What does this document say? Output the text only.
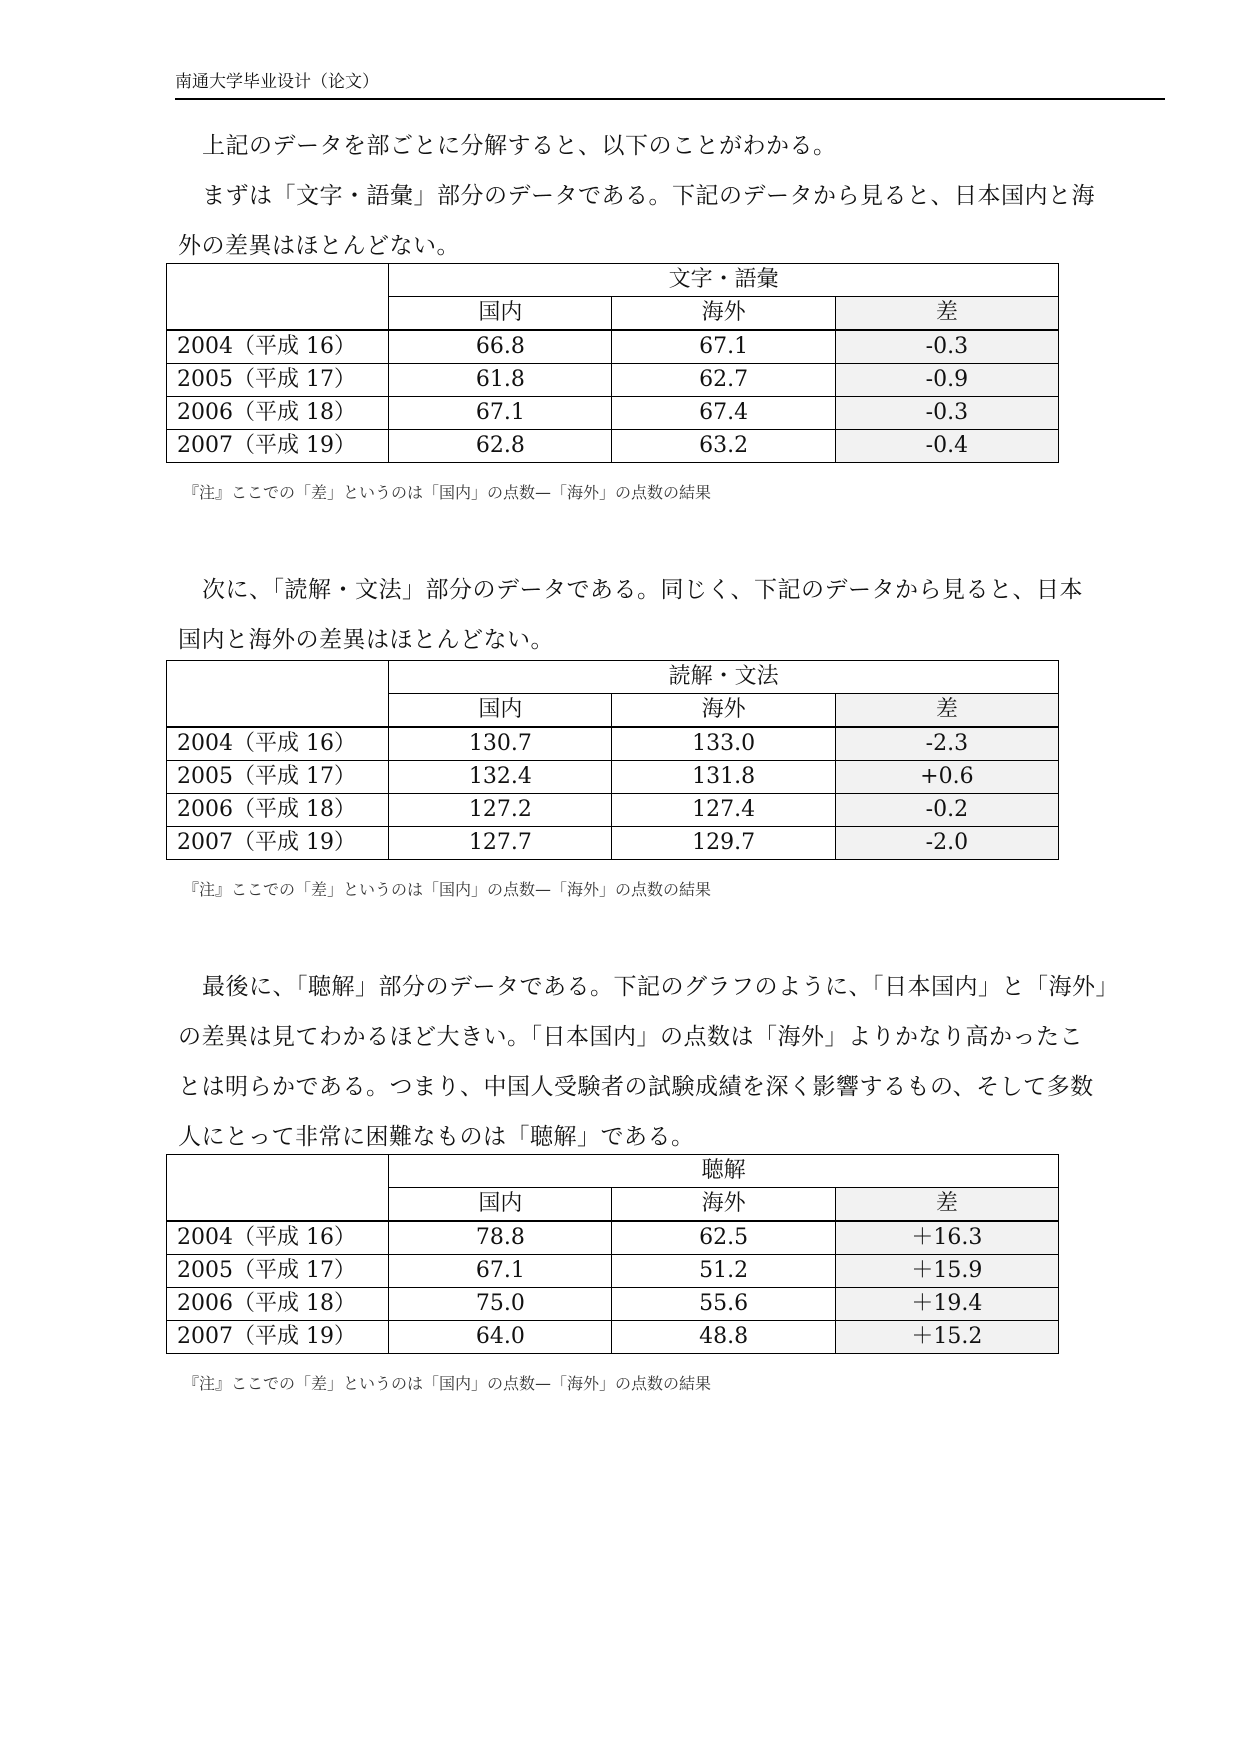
南通大学毕业设计（论文）
上記のデータを部ごとに分解すると、以下のことがわかる。
まずは「文字・語彙」部分のデータである。下記のデータから見ると、日本国内と海
外の差異はほとんどない。
	文字・語彙		
	国内	海外	差
2004（平成 16）	66.8	67.1	-0.3
2005（平成 17）	61.8	62.7	-0.9
2006（平成 18）	67.1	67.4	-0.3
2007（平成 19）	62.8	63.2	-0.4
『注』ここでの「差」というのは「国内」の点数—「海外」の点数の結果
次に、「読解・文法」部分のデータである。同じく、下記のデータから見ると、日本
国内と海外の差異はほとんどない。
	読解・文法		
	国内	海外	差
2004（平成 16）	130.7	133.0	-2.3
2005（平成 17）	132.4	131.8	+0.6
2006（平成 18）	127.2	127.4	-0.2
2007（平成 19）	127.7	129.7	-2.0
『注』ここでの「差」というのは「国内」の点数—「海外」の点数の結果
最後に、「聴解」部分のデータである。下記のグラフのように、「日本国内」と「海外」
の差異は見てわかるほど大きい。「日本国内」の点数は「海外」よりかなり高かったこ
とは明らかである。つまり、中国人受験者の試験成績を深く影響するもの、そして多数
人にとって非常に困難なものは「聴解」である。
	聴解		
	国内	海外	差
2004（平成 16）	78.8	62.5	＋16.3
2005（平成 17）	67.1	51.2	＋15.9
2006（平成 18）	75.0	55.6	＋19.4
2007（平成 19）	64.0	48.8	＋15.2
『注』ここでの「差」というのは「国内」の点数—「海外」の点数の結果
